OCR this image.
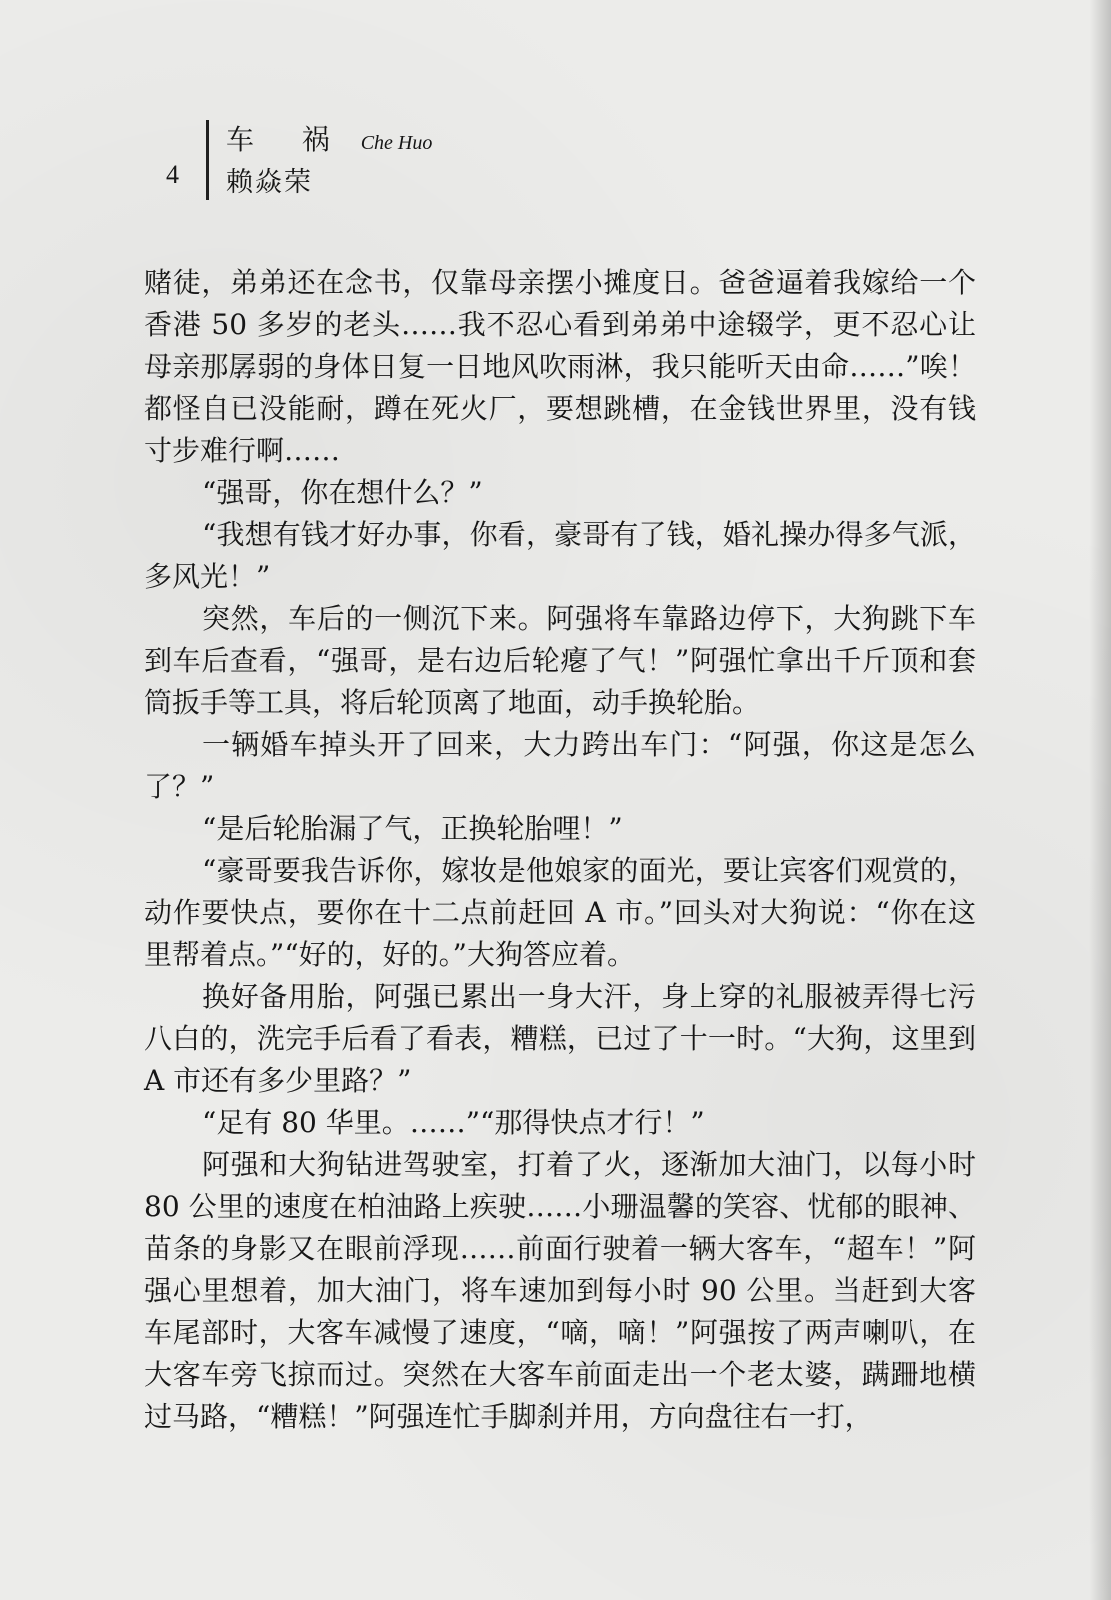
4
车  祸 Che Huo
赖焱荣

赌徒，弟弟还在念书，仅靠母亲摆小摊度日。爸爸逼着我嫁给一个香港 50 多岁的老头……我不忍心看到弟弟中途辍学，更不忍心让母亲那孱弱的身体日复一日地风吹雨淋，我只能听天由命……”唉！都怪自已没能耐，蹲在死火厂，要想跳槽，在金钱世界里，没有钱寸步难行啊……

“强哥，你在想什么？”

“我想有钱才好办事，你看，豪哥有了钱，婚礼操办得多气派，多风光！”

突然，车后的一侧沉下来。阿强将车靠路边停下，大狗跳下车到车后查看，“强哥，是右边后轮瘪了气！”阿强忙拿出千斤顶和套筒扳手等工具，将后轮顶离了地面，动手换轮胎。

一辆婚车掉头开了回来，大力跨出车门：“阿强，你这是怎么了？”

“是后轮胎漏了气，正换轮胎哩！”

“豪哥要我告诉你，嫁妆是他娘家的面光，要让宾客们观赏的，动作要快点，要你在十二点前赶回 A 市。”回头对大狗说：“你在这里帮着点。”“好的，好的。”大狗答应着。

换好备用胎，阿强已累出一身大汗，身上穿的礼服被弄得七污八白的，洗完手后看了看表，糟糕，已过了十一时。“大狗，这里到 A 市还有多少里路？”

“足有 80 华里。……”“那得快点才行！”

阿强和大狗钻进驾驶室，打着了火，逐渐加大油门，以每小时 80 公里的速度在柏油路上疾驶……小珊温馨的笑容、忧郁的眼神、苗条的身影又在眼前浮现……前面行驶着一辆大客车，“超车！”阿强心里想着，加大油门，将车速加到每小时 90 公里。当赶到大客车尾部时，大客车减慢了速度，“嘀，嘀！”阿强按了两声喇叭，在大客车旁飞掠而过。突然在大客车前面走出一个老太婆，蹒跚地横过马路，“糟糕！”阿强连忙手脚刹并用，方向盘往右一打，
